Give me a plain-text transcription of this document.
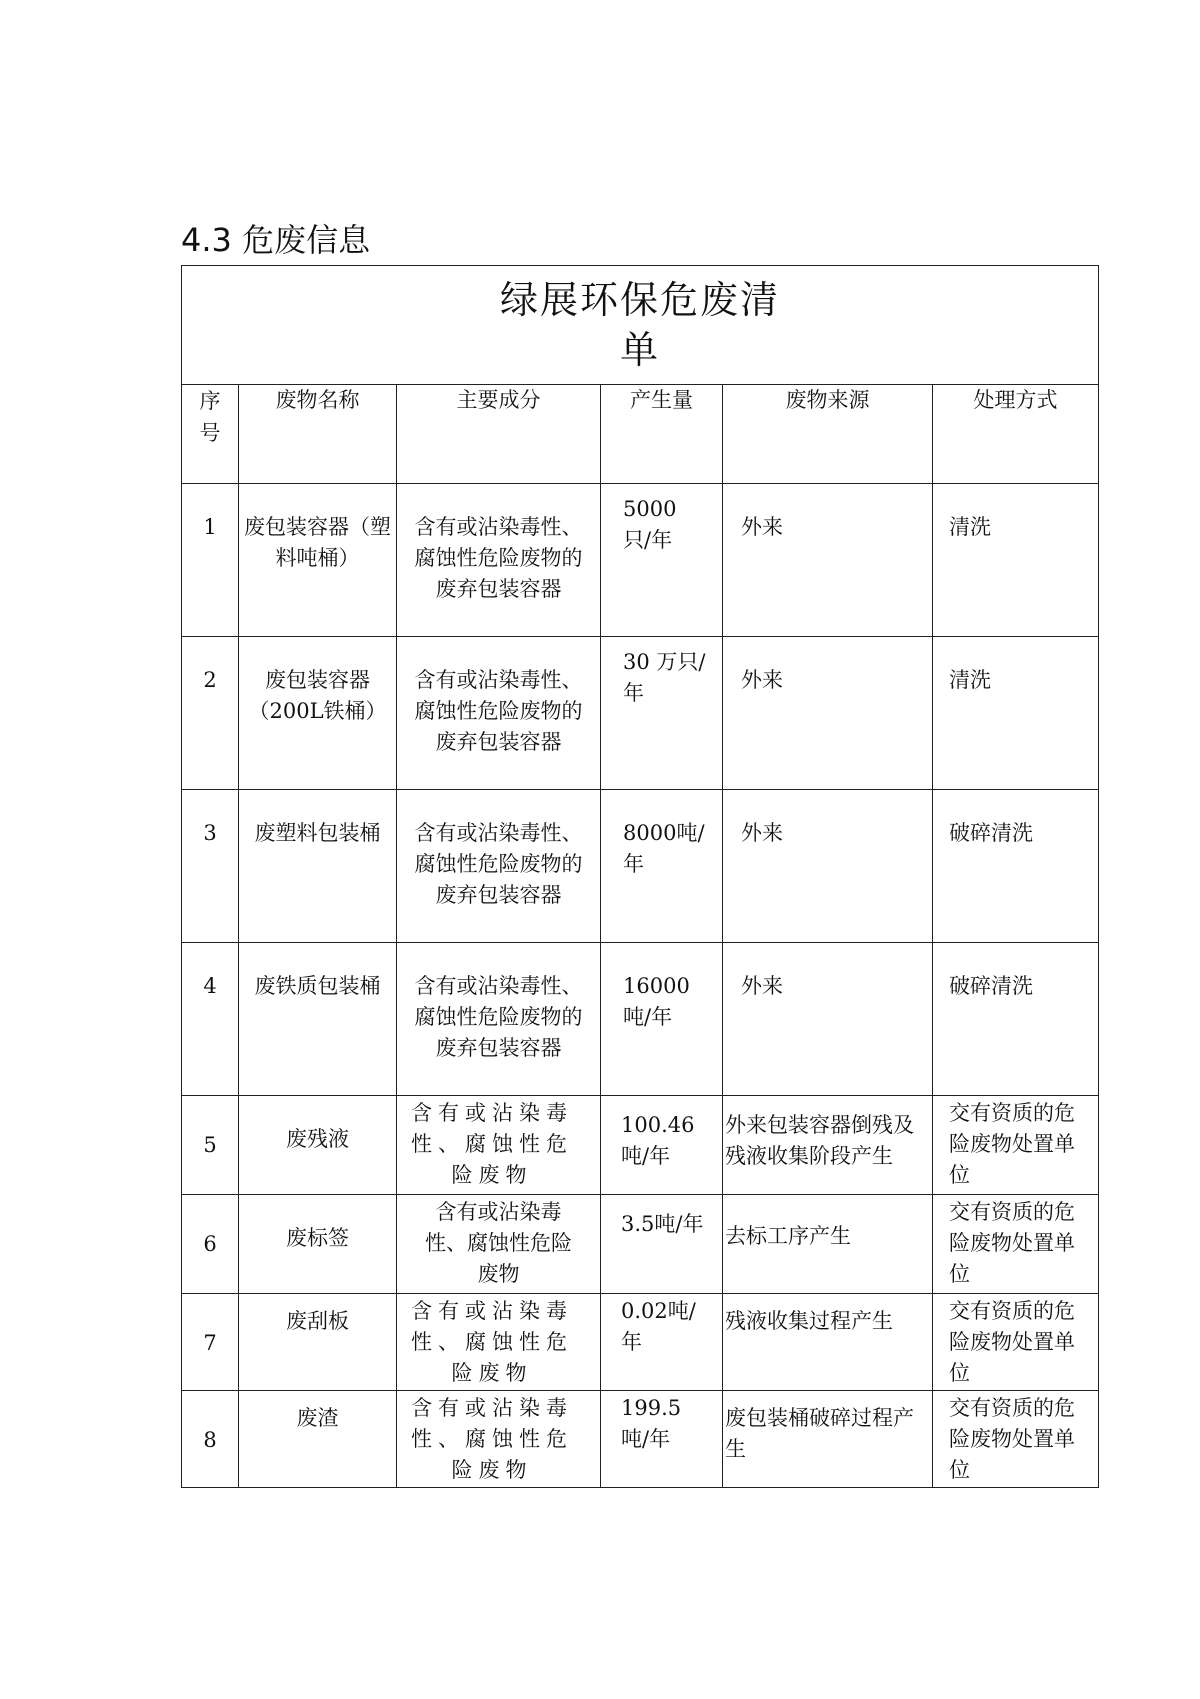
4.3 危废信息
绿展环保危废清单					

序号	废物名称	主要成分	产生量	废物来源	处理方式

1	废包装容器（塑料吨桶）	含有或沾染毒性、腐蚀性危险废物的废弃包装容器	5000 只/年	外来	清洗

2	废包装容器（200L铁桶）	含有或沾染毒性、腐蚀性危险废物的废弃包装容器	30 万只/年	外来	清洗

3	废塑料包装桶	含有或沾染毒性、腐蚀性危险废物的废弃包装容器	8000吨/年	外来	破碎清洗

4	废铁质包装桶	含有或沾染毒性、腐蚀性危险废物的废弃包装容器	16000吨/年	外来	破碎清洗

5	废残液	含有或沾染毒性、腐蚀性危险废物	100.46吨/年	外来包装容器倒残及残液收集阶段产生	交有资质的危险废物处置单位

6	废标签	含有或沾染毒性、腐蚀性危险废物	3.5吨/年	去标工序产生	交有资质的危险废物处置单位

7	废刮板	含有或沾染毒性、腐蚀性危险废物	0.02吨/年	残液收集过程产生	交有资质的危险废物处置单位

8	废渣	含有或沾染毒性、腐蚀性危险废物	199.5吨/年	废包装桶破碎过程产生	交有资质的危险废物处置单位
